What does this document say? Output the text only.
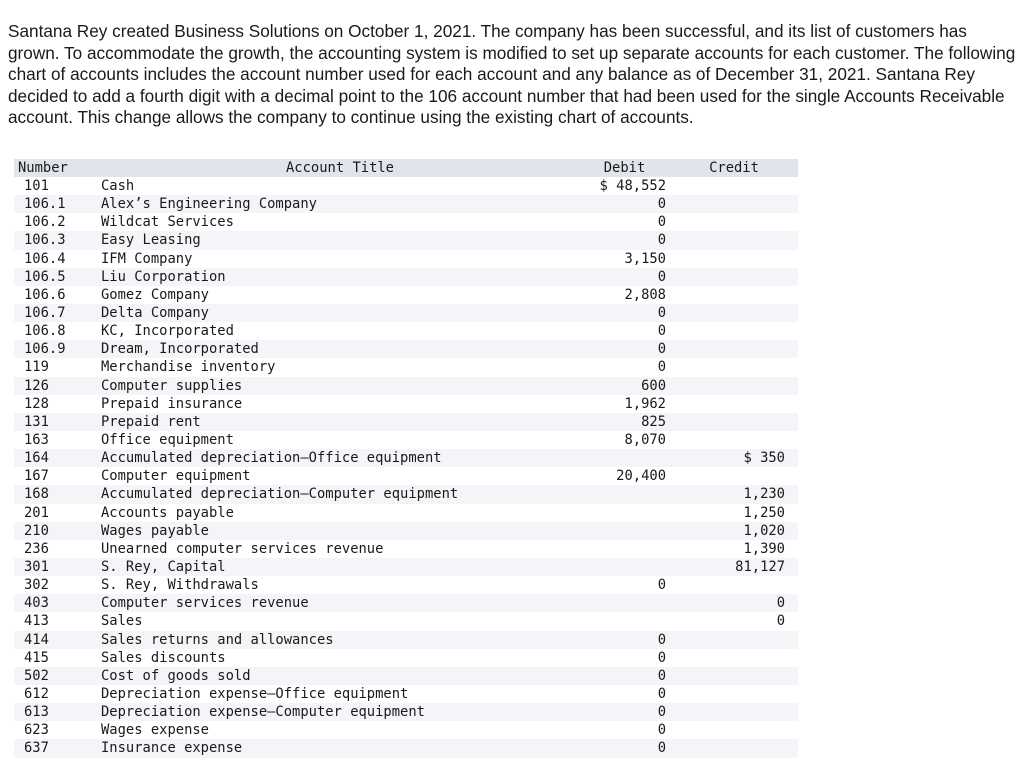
Santana Rey created Business Solutions on October 1, 2021. The company has been successful, and its list of customers has grown. To accommodate the growth, the accounting system is modified to set up separate accounts for each customer. The following chart of accounts includes the account number used for each account and any balance as of December 31, 2021. Santana Rey decided to add a fourth digit with a decimal point to the 106 account number that had been used for the single Accounts Receivable account. This change allows the company to continue using the existing chart of accounts.

Number	Account Title	Debit	Credit
101	Cash	$ 48,552	
106.1	Alex’s Engineering Company	0	
106.2	Wildcat Services	0	
106.3	Easy Leasing	0	
106.4	IFM Company	3,150	
106.5	Liu Corporation	0	
106.6	Gomez Company	2,808	
106.7	Delta Company	0	
106.8	KC, Incorporated	0	
106.9	Dream, Incorporated	0	
119	Merchandise inventory	0	
126	Computer supplies	600	
128	Prepaid insurance	1,962	
131	Prepaid rent	825	
163	Office equipment	8,070	
164	Accumulated depreciation—Office equipment		$ 350
167	Computer equipment	20,400	
168	Accumulated depreciation—Computer equipment		1,230
201	Accounts payable		1,250
210	Wages payable		1,020
236	Unearned computer services revenue		1,390
301	S. Rey, Capital		81,127
302	S. Rey, Withdrawals	0	
403	Computer services revenue		0
413	Sales		0
414	Sales returns and allowances	0	
415	Sales discounts	0	
502	Cost of goods sold	0	
612	Depreciation expense—Office equipment	0	
613	Depreciation expense—Computer equipment	0	
623	Wages expense	0	
637	Insurance expense	0	
